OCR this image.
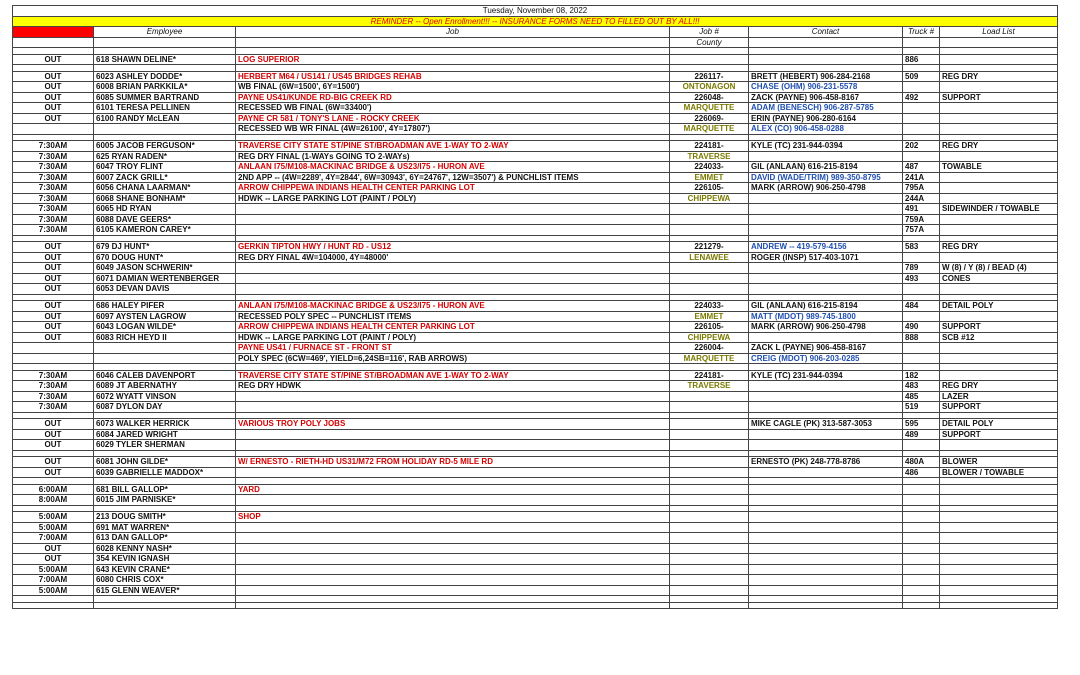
Tuesday, November 08, 2022						
REMINDER -- Open Enrollment!!! -- INSURANCE FORMS NEED TO FILLED OUT BY ALL!!!						
Start	Employee	Job	Job #	Contact	Truck #	Load List
			County			

OUT	618 SHAWN DELINE*	LOG SUPERIOR			886	

OUT	6023 ASHLEY DODDE*	HERBERT M64 / US141 / US45 BRIDGES REHAB	226117-	BRETT (HEBERT) 906-284-2168	509	REG DRY
OUT	6008 BRIAN PARKKILA*	WB FINAL (6W=1500', 6Y=1500')	ONTONAGON	CHASE (OHM) 906-231-5578		
OUT	6085 SUMMER BARTRAND	PAYNE US41/KUNDE RD-BIG CREEK RD	226048-	ZACK (PAYNE) 906-458-8167	492	SUPPORT
OUT	6101 TERESA PELLINEN	RECESSED WB FINAL (6W=33400')	MARQUETTE	ADAM (BENESCH) 906-287-5785		
OUT	6100 RANDY McLEAN	PAYNE CR 581 / TONY'S LANE - ROCKY CREEK	226069-	ERIN (PAYNE) 906-280-6164		
		RECESSED WB WR FINAL (4W=26100', 4Y=17807')	MARQUETTE	ALEX (CO) 906-458-0288		

7:30AM	6005 JACOB FERGUSON*	TRAVERSE CITY STATE ST/PINE ST/BROADMAN AVE 1-WAY TO 2-WAY	224181-	KYLE (TC) 231-944-0394	202	REG DRY
7:30AM	625 RYAN RADEN*	REG DRY FINAL (1-WAYs GOING TO 2-WAYs)	TRAVERSE			
7:30AM	6047 TROY FLINT	ANLAAN I75/M108-MACKINAC BRIDGE & US23/I75 - HURON AVE	224033-	GIL (ANLAAN) 616-215-8194	487	TOWABLE
7:30AM	6007 ZACK GRILL*	2ND APP -- (4W=2289', 4Y=2844', 6W=30943', 6Y=24767', 12W=3507') & PUNCHLIST ITEMS	EMMET	DAVID (WADE/TRIM) 989-350-8795	241A	
7:30AM	6056 CHANA LAARMAN*	ARROW CHIPPEWA INDIANS HEALTH CENTER PARKING LOT	226105-	MARK (ARROW) 906-250-4798	795A	
7:30AM	6068 SHANE BONHAM*	HDWK -- LARGE PARKING LOT (PAINT / POLY)	CHIPPEWA		244A	
7:30AM	6065 HD RYAN				491	SIDEWINDER / TOWABLE
7:30AM	6088 DAVE GEERS*				759A	
7:30AM	6105 KAMERON CAREY*				757A	

OUT	679 DJ HUNT*	GERKIN TIPTON HWY / HUNT RD - US12	221279-	ANDREW -- 419-579-4156	583	REG DRY
OUT	670 DOUG HUNT*	REG DRY FINAL 4W=104000, 4Y=48000'	LENAWEE	ROGER (INSP) 517-403-1071		
OUT	6049 JASON SCHWERIN*				789	W (8) / Y (8) / BEAD (4)
OUT	6071 DAMIAN WERTENBERGER				493	CONES
OUT	6053 DEVAN DAVIS					

OUT	686 HALEY PIFER	ANLAAN I75/M108-MACKINAC BRIDGE & US23/I75 - HURON AVE	224033-	GIL (ANLAAN) 616-215-8194	484	DETAIL POLY
OUT	6097 AYSTEN LAGROW	RECESSED POLY SPEC -- PUNCHLIST ITEMS	EMMET	MATT (MDOT) 989-745-1800		
OUT	6043 LOGAN WILDE*	ARROW CHIPPEWA INDIANS HEALTH CENTER PARKING LOT	226105-	MARK (ARROW) 906-250-4798	490	SUPPORT
OUT	6083 RICH HEYD II	HDWK -- LARGE PARKING LOT (PAINT / POLY)	CHIPPEWA		888	SCB #12
		PAYNE US41 / FURNACE ST - FRONT ST	226004-	ZACK L (PAYNE) 906-458-8167		
		POLY SPEC (6CW=469', YIELD=6,24SB=116', RAB ARROWS)	MARQUETTE	CREIG (MDOT) 906-203-0285		

7:30AM	6046 CALEB DAVENPORT	TRAVERSE CITY STATE ST/PINE ST/BROADMAN AVE 1-WAY TO 2-WAY	224181-	KYLE (TC) 231-944-0394	182	
7:30AM	6089 JT ABERNATHY	REG DRY HDWK	TRAVERSE		483	REG DRY
7:30AM	6072 WYATT VINSON				485	LAZER
7:30AM	6087 DYLON DAY				519	SUPPORT

OUT	6073 WALKER HERRICK	VARIOUS TROY POLY JOBS		MIKE CAGLE (PK) 313-587-3053	595	DETAIL POLY
OUT	6084 JARED WRIGHT				489	SUPPORT
OUT	6029 TYLER SHERMAN					

OUT	6081 JOHN GILDE*	W/ ERNESTO - RIETH-HD US31/M72 FROM HOLIDAY RD-5 MILE RD		ERNESTO (PK) 248-778-8786	480A	BLOWER
OUT	6039 GABRIELLE MADDOX*				486	BLOWER / TOWABLE

6:00AM	681 BILL GALLOP*	YARD				
8:00AM	6015 JIM PARNISKE*					

5:00AM	213 DOUG SMITH*	SHOP				
5:00AM	691 MAT WARREN*					
7:00AM	613 DAN GALLOP*					
OUT	6028 KENNY NASH*					
OUT	354 KEVIN IGNASH					
5:00AM	643 KEVIN CRANE*					
7:00AM	6080 CHRIS COX*					
5:00AM	615 GLENN WEAVER*					
